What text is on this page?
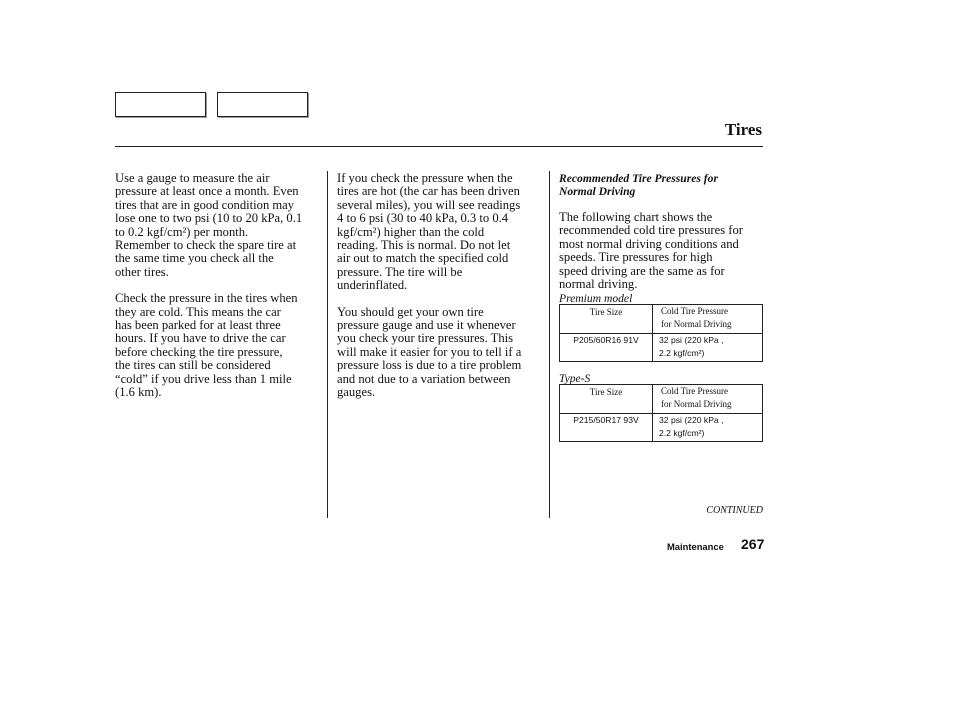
Tires

Use a gauge to measure the air
pressure at least once a month. Even
tires that are in good condition may
lose one to two psi (10 to 20 kPa, 0.1
to 0.2 kgf/cm²) per month.
Remember to check the spare tire at
the same time you check all the
other tires.

Check the pressure in the tires when
they are cold. This means the car
has been parked for at least three
hours. If you have to drive the car
before checking the tire pressure,
the tires can still be considered
“cold” if you drive less than 1 mile
(1.6 km).

If you check the pressure when the
tires are hot (the car has been driven
several miles), you will see readings
4 to 6 psi (30 to 40 kPa, 0.3 to 0.4
kgf/cm²) higher than the cold
reading. This is normal. Do not let
air out to match the specified cold
pressure. The tire will be
underinflated.

You should get your own tire
pressure gauge and use it whenever
you check your tire pressures. This
will make it easier for you to tell if a
pressure loss is due to a tire problem
and not due to a variation between
gauges.

Recommended Tire Pressures for
Normal Driving

The following chart shows the
recommended cold tire pressures for
most normal driving conditions and
speeds. Tire pressures for high
speed driving are the same as for
normal driving.

Premium model
Tire Size	Cold Tire Pressure
for Normal Driving
P205/60R16 91V	32 psi (220 kPa ,
2.2 kgf/cm²)
Type-S
Tire Size	Cold Tire Pressure
for Normal Driving
P215/50R17 93V	32 psi (220 kPa ,
2.2 kgf/cm²)
CONTINUED
Maintenance 267
